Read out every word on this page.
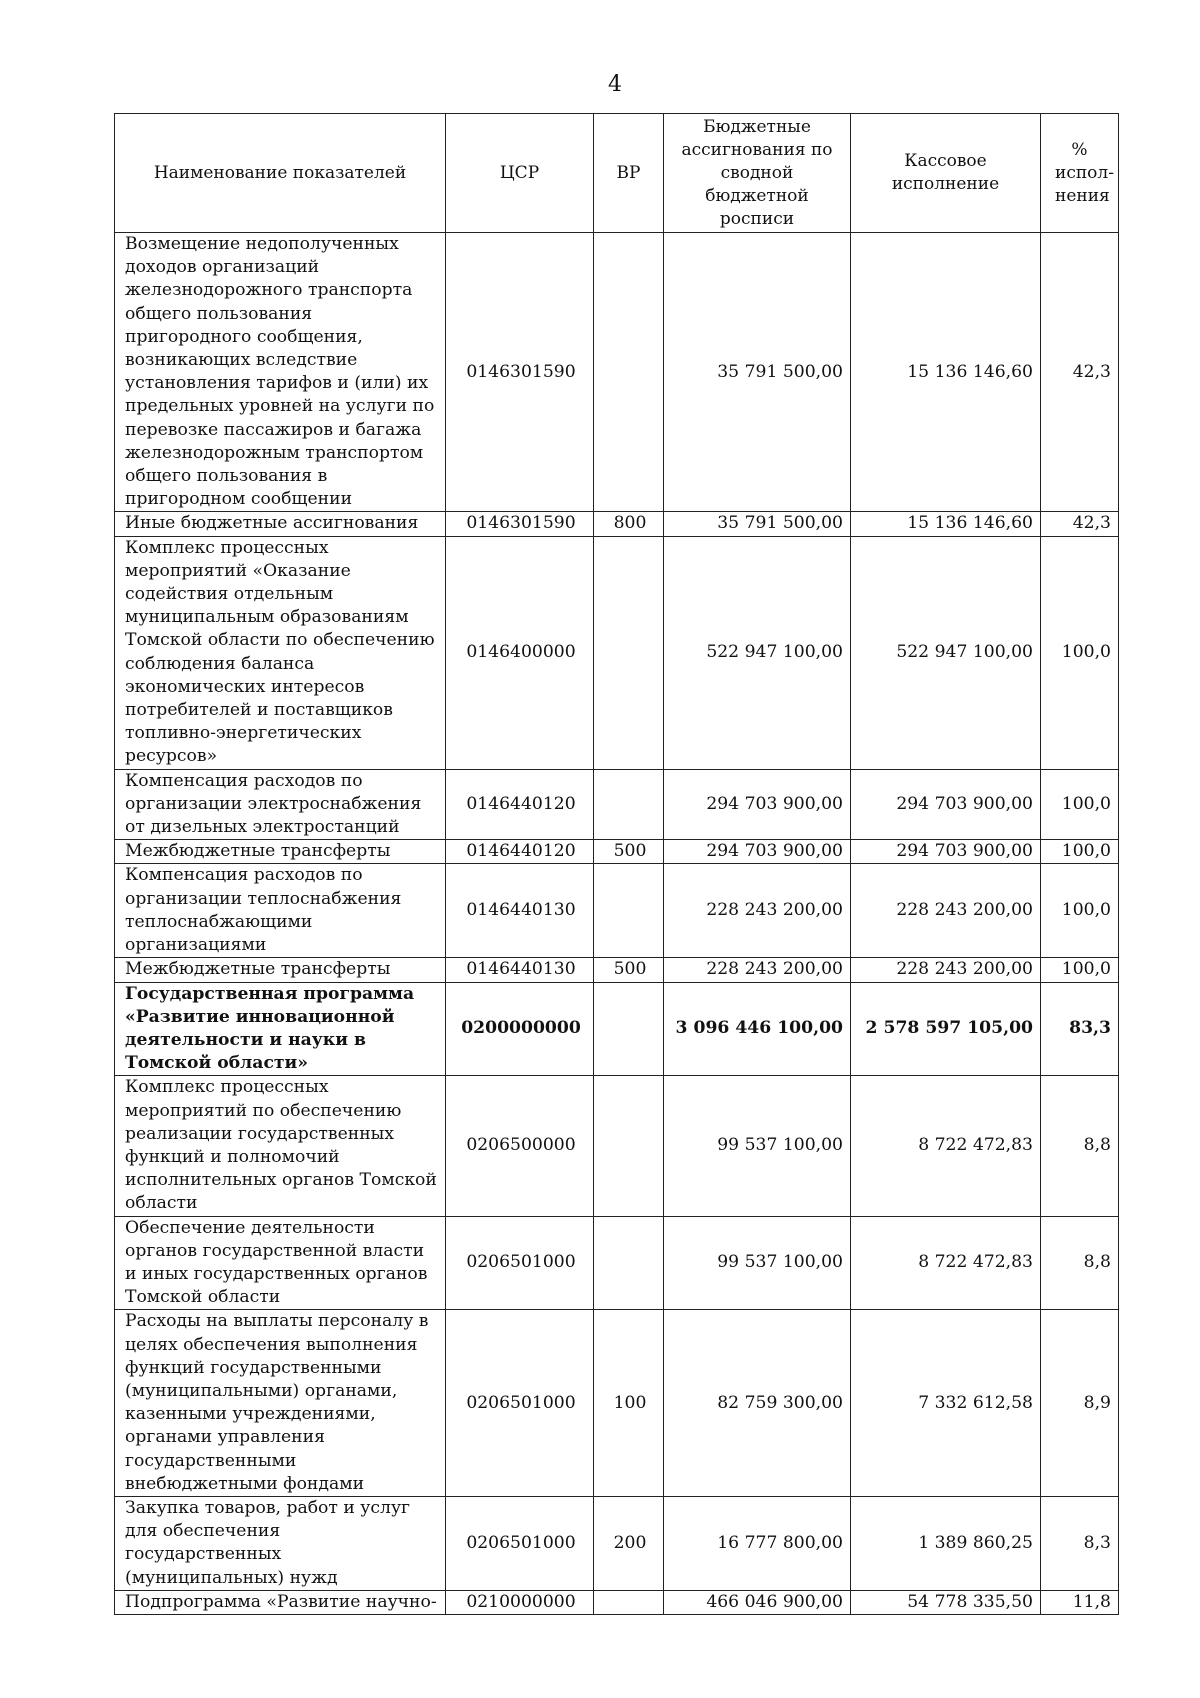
4
Наименование показателей	ЦСР	ВР	Бюджетные ассигнования по сводной бюджетной росписи	Кассовое исполнение	% испол-нения
Возмещение недополученных доходов организаций железнодорожного транспорта общего пользования пригородного сообщения, возникающих вследствие установления тарифов и (или) их предельных уровней на услуги по перевозке пассажиров и багажа железнодорожным транспортом общего пользования в пригородном сообщении	0146301590		35 791 500,00	15 136 146,60	42,3
Иные бюджетные ассигнования	0146301590	800	35 791 500,00	15 136 146,60	42,3
Комплекс процессных мероприятий «Оказание содействия отдельным муниципальным образованиям Томской области по обеспечению соблюдения баланса экономических интересов потребителей и поставщиков топливно-энергетических ресурсов»	0146400000		522 947 100,00	522 947 100,00	100,0
Компенсация расходов по организации электроснабжения от дизельных электростанций	0146440120		294 703 900,00	294 703 900,00	100,0
Межбюджетные трансферты	0146440120	500	294 703 900,00	294 703 900,00	100,0
Компенсация расходов по организации теплоснабжения теплоснабжающими организациями	0146440130		228 243 200,00	228 243 200,00	100,0
Межбюджетные трансферты	0146440130	500	228 243 200,00	228 243 200,00	100,0
Государственная программа «Развитие инновационной деятельности и науки в Томской области»	0200000000		3 096 446 100,00	2 578 597 105,00	83,3
Комплекс процессных мероприятий по обеспечению реализации государственных функций и полномочий исполнительных органов Томской области	0206500000		99 537 100,00	8 722 472,83	8,8
Обеспечение деятельности органов государственной власти и иных государственных органов Томской области	0206501000		99 537 100,00	8 722 472,83	8,8
Расходы на выплаты персоналу в целях обеспечения выполнения функций государственными (муниципальными) органами, казенными учреждениями, органами управления государственными внебюджетными фондами	0206501000	100	82 759 300,00	7 332 612,58	8,9
Закупка товаров, работ и услуг для обеспечения государственных (муниципальных) нужд	0206501000	200	16 777 800,00	1 389 860,25	8,3
Подпрограмма «Развитие научно-	0210000000		466 046 900,00	54 778 335,50	11,8
